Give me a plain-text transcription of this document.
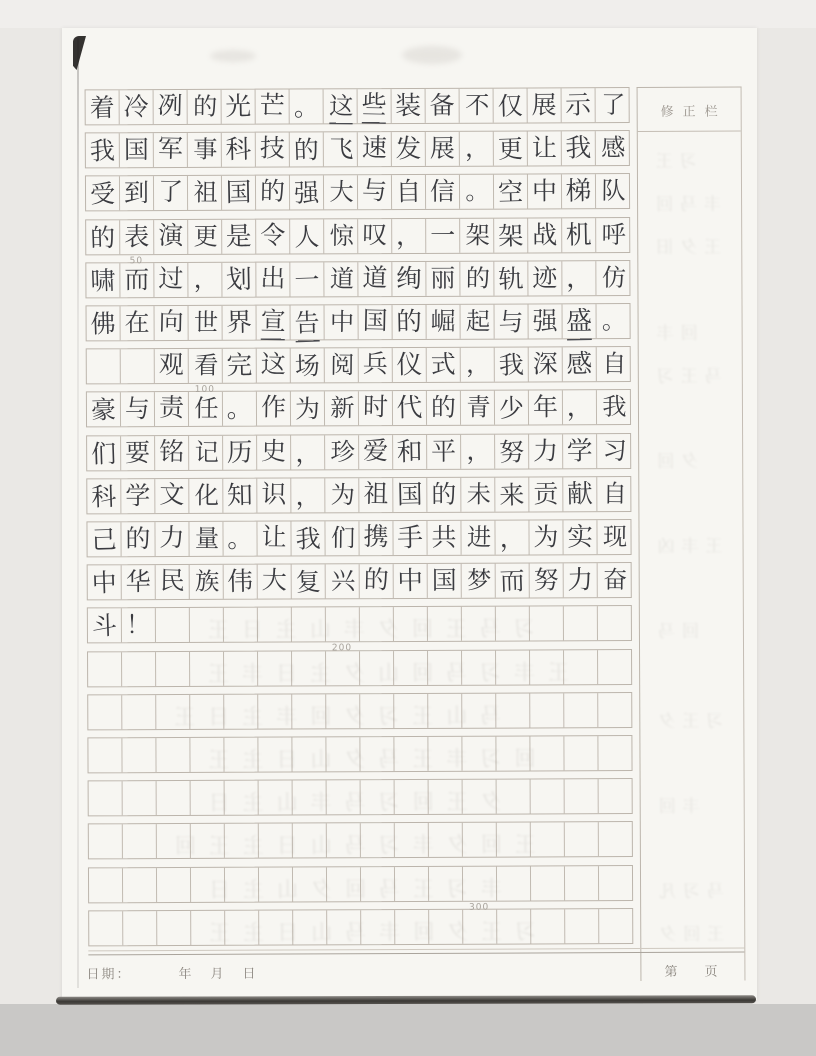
着 冷 冽 的 光 芒 。 这 些 装 备 不 仅 展 示 了
我 国 军 事 科 技 的 飞 速 发 展 ， 更 让 我 感
受 到 了 祖 国 的 强 大 与 自 信 。 空 中 梯 队
的 表 演 更 是 令 人 惊 叹 ， 一 架 架 战 机 呼
啸 而 过 ， 划 出 一 道 道 绚 丽 的 轨 迹 ， 仿
佛 在 向 世 界 宣 告 中 国 的 崛 起 与 强 盛 。
观 看 完 这 场 阅 兵 仪 式 ， 我 深 感 自
豪 与 责 任 。 作 为 新 时 代 的 青 少 年 ， 我
们 要 铭 记 历 史 ， 珍 爱 和 平 ， 努 力 学 习
科 学 文 化 知 识 ， 为 祖 国 的 未 来 贡 献 自
己 的 力 量 。 让 我 们 携 手 共 进 ， 为 实 现
中 华 民 族 伟 大 复 兴 的 中 国 梦 而 努 力 奋
斗 ！
修正栏
50
100
200
300
习马王回夕丰山主日王
王丰习马回山夕主日丰王
马山王习夕回丰主日王
回习丰王马夕山日主王
夕王回习马丰山主日
王回夕丰习马山日主王回
丰习王马回夕山主日
习王夕回丰马山日主王
习王
丰马回
王夕旧
回丰
马王习
夕回
王丰凶
回马
习王夕
丰回
马习凡
王回夕
日期：	年 月 日	第 页
